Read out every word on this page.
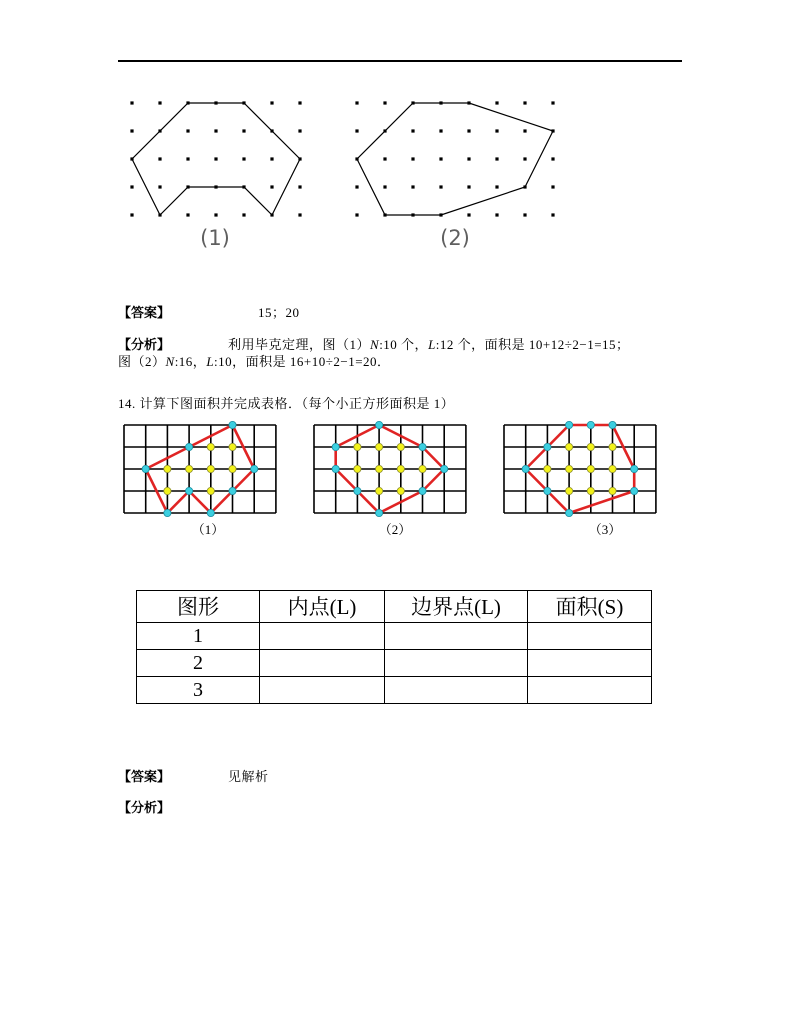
(1)	(2)
【答案】	15；20
【分析】	利用毕克定理，图（1）N:10 个，L:12 个，面积是 10+12÷2−1=15；
图（2）N:16，L:10，面积是 16+10÷2−1=20．
14. 计算下图面积并完成表格．（每个小正方形面积是 1）
（1）	（2）	（3）
图形	内点(L)	边界点(L)	面积(S)
1			
2			
3			
【答案】	见解析
【分析】
